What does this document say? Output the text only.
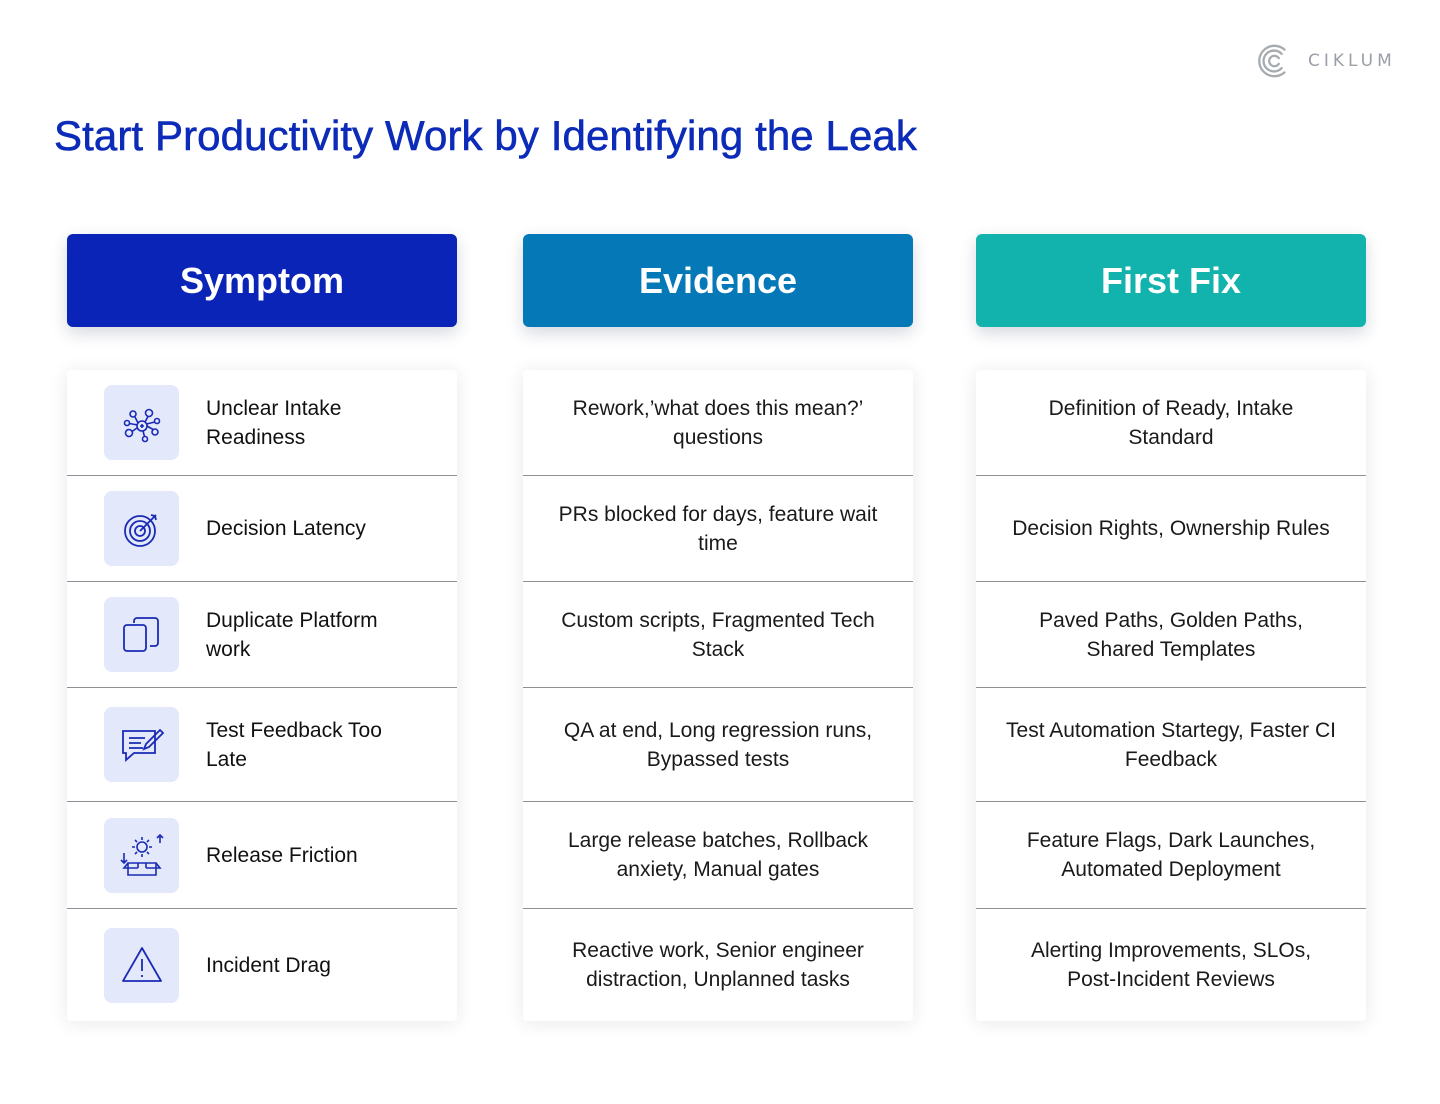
CIKLUM
Start Productivity Work by Identifying the Leak
Symptom
Unclear Intake Readiness
Decision Latency
Duplicate Platform work
Test Feedback Too Late
Release Friction
Incident Drag
Evidence
Rework,’what does this mean?’ questions
PRs blocked for days, feature wait time
Custom scripts, Fragmented Tech Stack
QA at end, Long regression runs, Bypassed tests
Large release batches, Rollback anxiety, Manual gates
Reactive work, Senior engineer distraction, Unplanned tasks
First Fix
Definition of Ready, Intake Standard
Decision Rights, Ownership Rules
Paved Paths, Golden Paths, Shared Templates
Test Automation Startegy, Faster CI Feedback
Feature Flags, Dark Launches, Automated Deployment
Alerting Improvements, SLOs, Post-Incident Reviews
